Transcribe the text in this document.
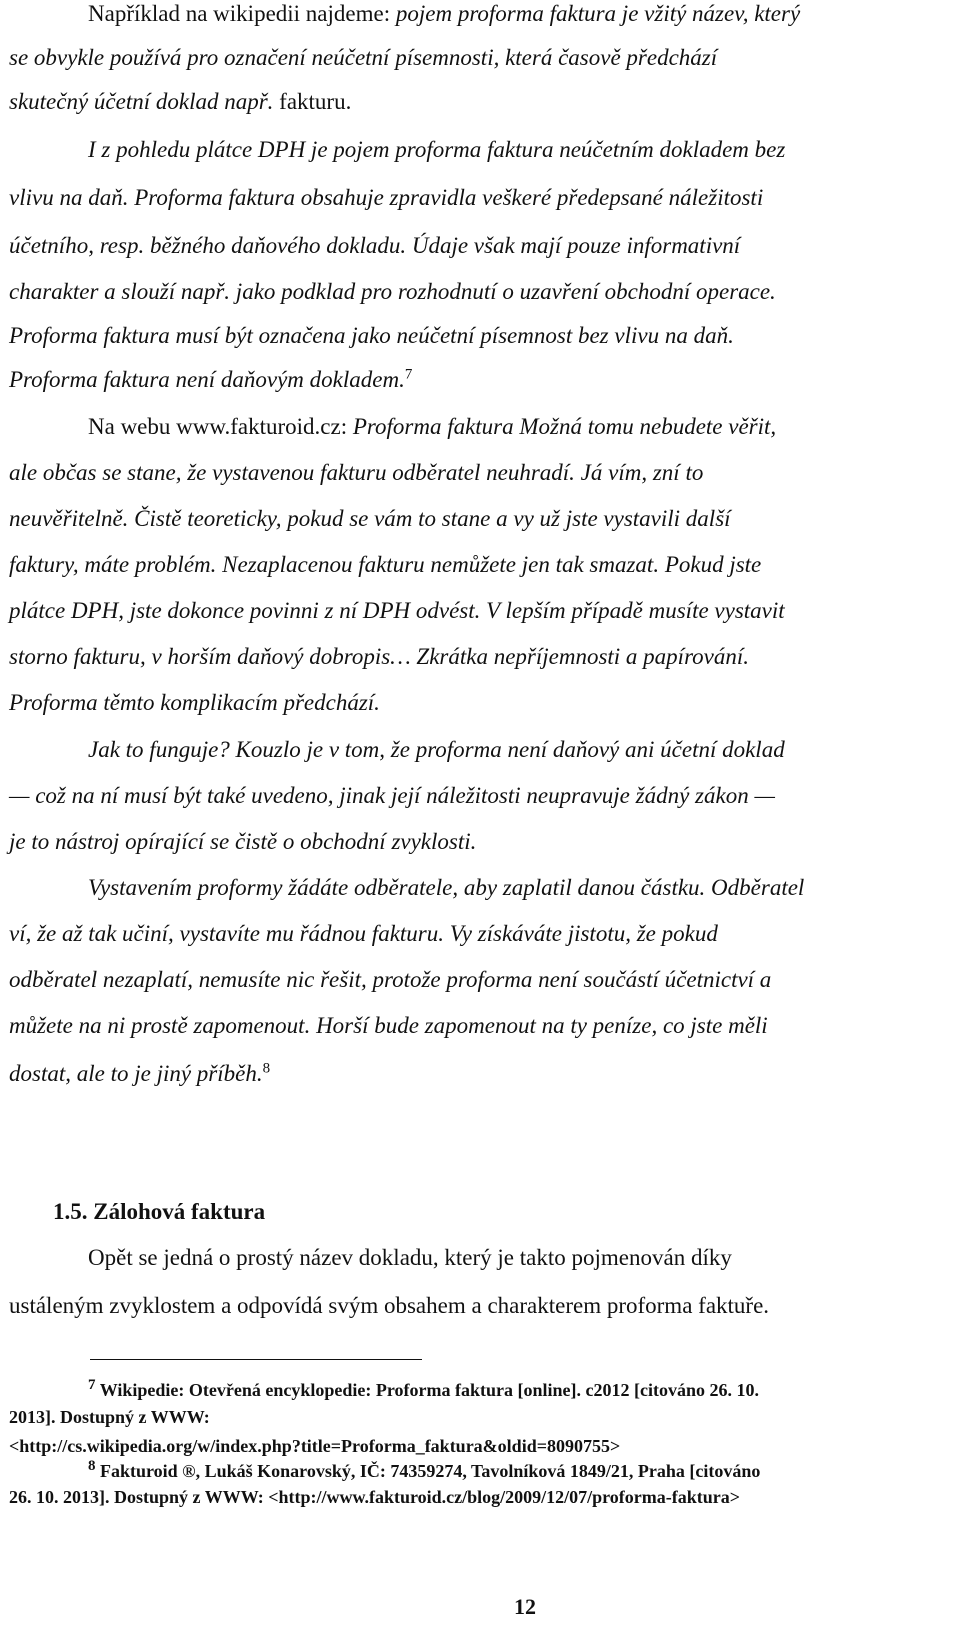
Například na wikipedii najdeme: pojem proforma faktura je vžitý název, který
se obvykle používá pro označení neúčetní písemnosti, která časově předchází
skutečný účetní doklad např. fakturu.
I z pohledu plátce DPH je pojem proforma faktura neúčetním dokladem bez
vlivu na daň. Proforma faktura obsahuje zpravidla veškeré předepsané náležitosti
účetního, resp. běžného daňového dokladu. Údaje však mají pouze informativní
charakter a slouží např. jako podklad pro rozhodnutí o uzavření obchodní operace.
Proforma faktura musí být označena jako neúčetní písemnost bez vlivu na daň.
Proforma faktura není daňovým dokladem.$^7$
Na webu www.fakturoid.cz: Proforma faktura Možná tomu nebudete věřit,
ale občas se stane, že vystavenou fakturu odběratel neuhradí. Já vím, zní to
neuvěřitelně. Čistě teoreticky, pokud se vám to stane a vy už jste vystavili další
faktury, máte problém. Nezaplacenou fakturu nemůžete jen tak smazat. Pokud jste
plátce DPH, jste dokonce povinni z ní DPH odvést. V lepším případě musíte vystavit
storno fakturu, v horším daňový dobropis… Zkrátka nepříjemnosti a papírování.
Proforma těmto komplikacím předchází.
Jak to funguje? Kouzlo je v tom, že proforma není daňový ani účetní doklad
— což na ní musí být také uvedeno, jinak její náležitosti neupravuje žádný zákon —
je to nástroj opírající se čistě o obchodní zvyklosti.
Vystavením proformy žádáte odběratele, aby zaplatil danou částku. Odběratel
ví, že až tak učiní, vystavíte mu řádnou fakturu. Vy získáváte jistotu, že pokud
odběratel nezaplatí, nemusíte nic řešit, protože proforma není součástí účetnictví a
můžete na ni prostě zapomenout. Horší bude zapomenout na ty peníze, co jste měli
dostat, ale to je jiný příběh.$^8$
1.5. Zálohová faktura
Opět se jedná o prostý název dokladu, který je takto pojmenován díky
ustáleným zvyklostem a odpovídá svým obsahem a charakterem proforma faktuře.
$^7$ Wikipedie: Otevřená encyklopedie: Proforma faktura [online]. c2012 [citováno 26. 10.
2013]. Dostupný z WWW:
<http://cs.wikipedia.org/w/index.php?title=Proforma_faktura&oldid=8090755>
$^8$ Fakturoid ®, Lukáš Konarovský, IČ: 74359274, Tavolníková 1849/21, Praha [citováno
26. 10. 2013]. Dostupný z WWW: <http://www.fakturoid.cz/blog/2009/12/07/proforma-faktura>
12
